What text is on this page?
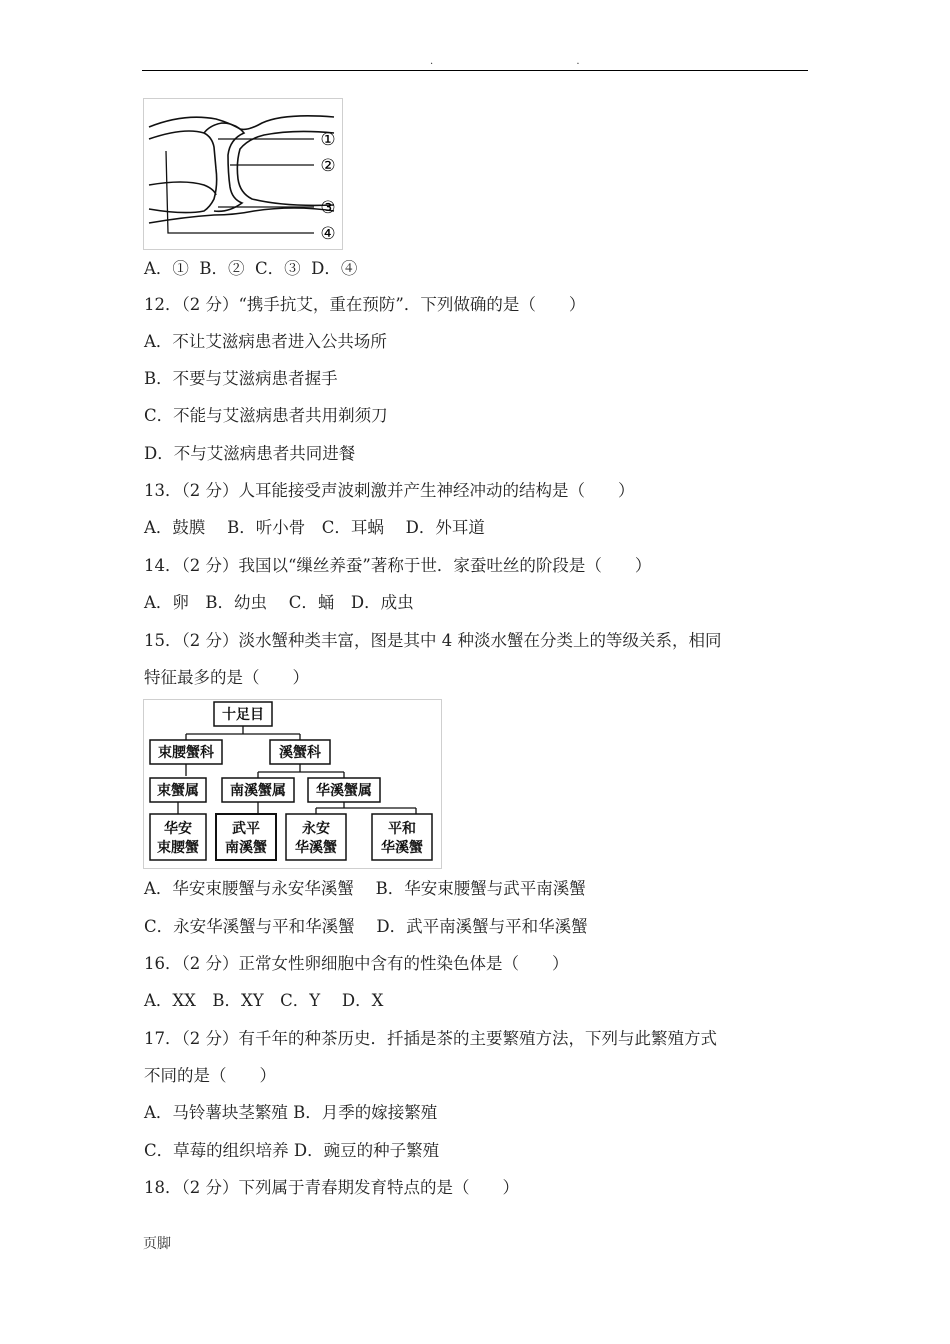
. .
①
②
③
④
A．①  B．②  C．③  D．④
12．（2 分）“携手抗艾，重在预防”．下列做确的是（　　）
A．不让艾滋病患者进入公共场所
B．不要与艾滋病患者握手
C．不能与艾滋病患者共用剃须刀
D．不与艾滋病患者共同进餐
13．（2 分）人耳能接受声波刺激并产生神经冲动的结构是（　　）
A．鼓膜　 B．听小骨　C．耳蜗　 D．外耳道
14．（2 分）我国以“缫丝养蚕”著称于世．家蚕吐丝的阶段是（　　）
A．卵　B．幼虫　 C．蛹　D．成虫
15．（2 分）淡水蟹种类丰富，图是其中 4 种淡水蟹在分类上的等级关系，相同
特征最多的是（　　）
十足目
束腰蟹科	溪蟹科
束蟹属 南溪蟹属 华溪蟹属
华安
束腰蟹
武平
南溪蟹
永安
华溪蟹
平和
华溪蟹
A．华安束腰蟹与永安华溪蟹　 B．华安束腰蟹与武平南溪蟹
C．永安华溪蟹与平和华溪蟹　 D．武平南溪蟹与平和华溪蟹
16．（2 分）正常女性卵细胞中含有的性染色体是（　　）
A．XX　B．XY　C．Y　 D．X
17．（2 分）有千年的种茶历史．扦插是茶的主要繁殖方法，下列与此繁殖方式
不同的是（　　）
A．马铃薯块茎繁殖 B．月季的嫁接繁殖
C．草莓的组织培养 D．豌豆的种子繁殖
18．（2 分）下列属于青春期发育特点的是（　　）
页脚
